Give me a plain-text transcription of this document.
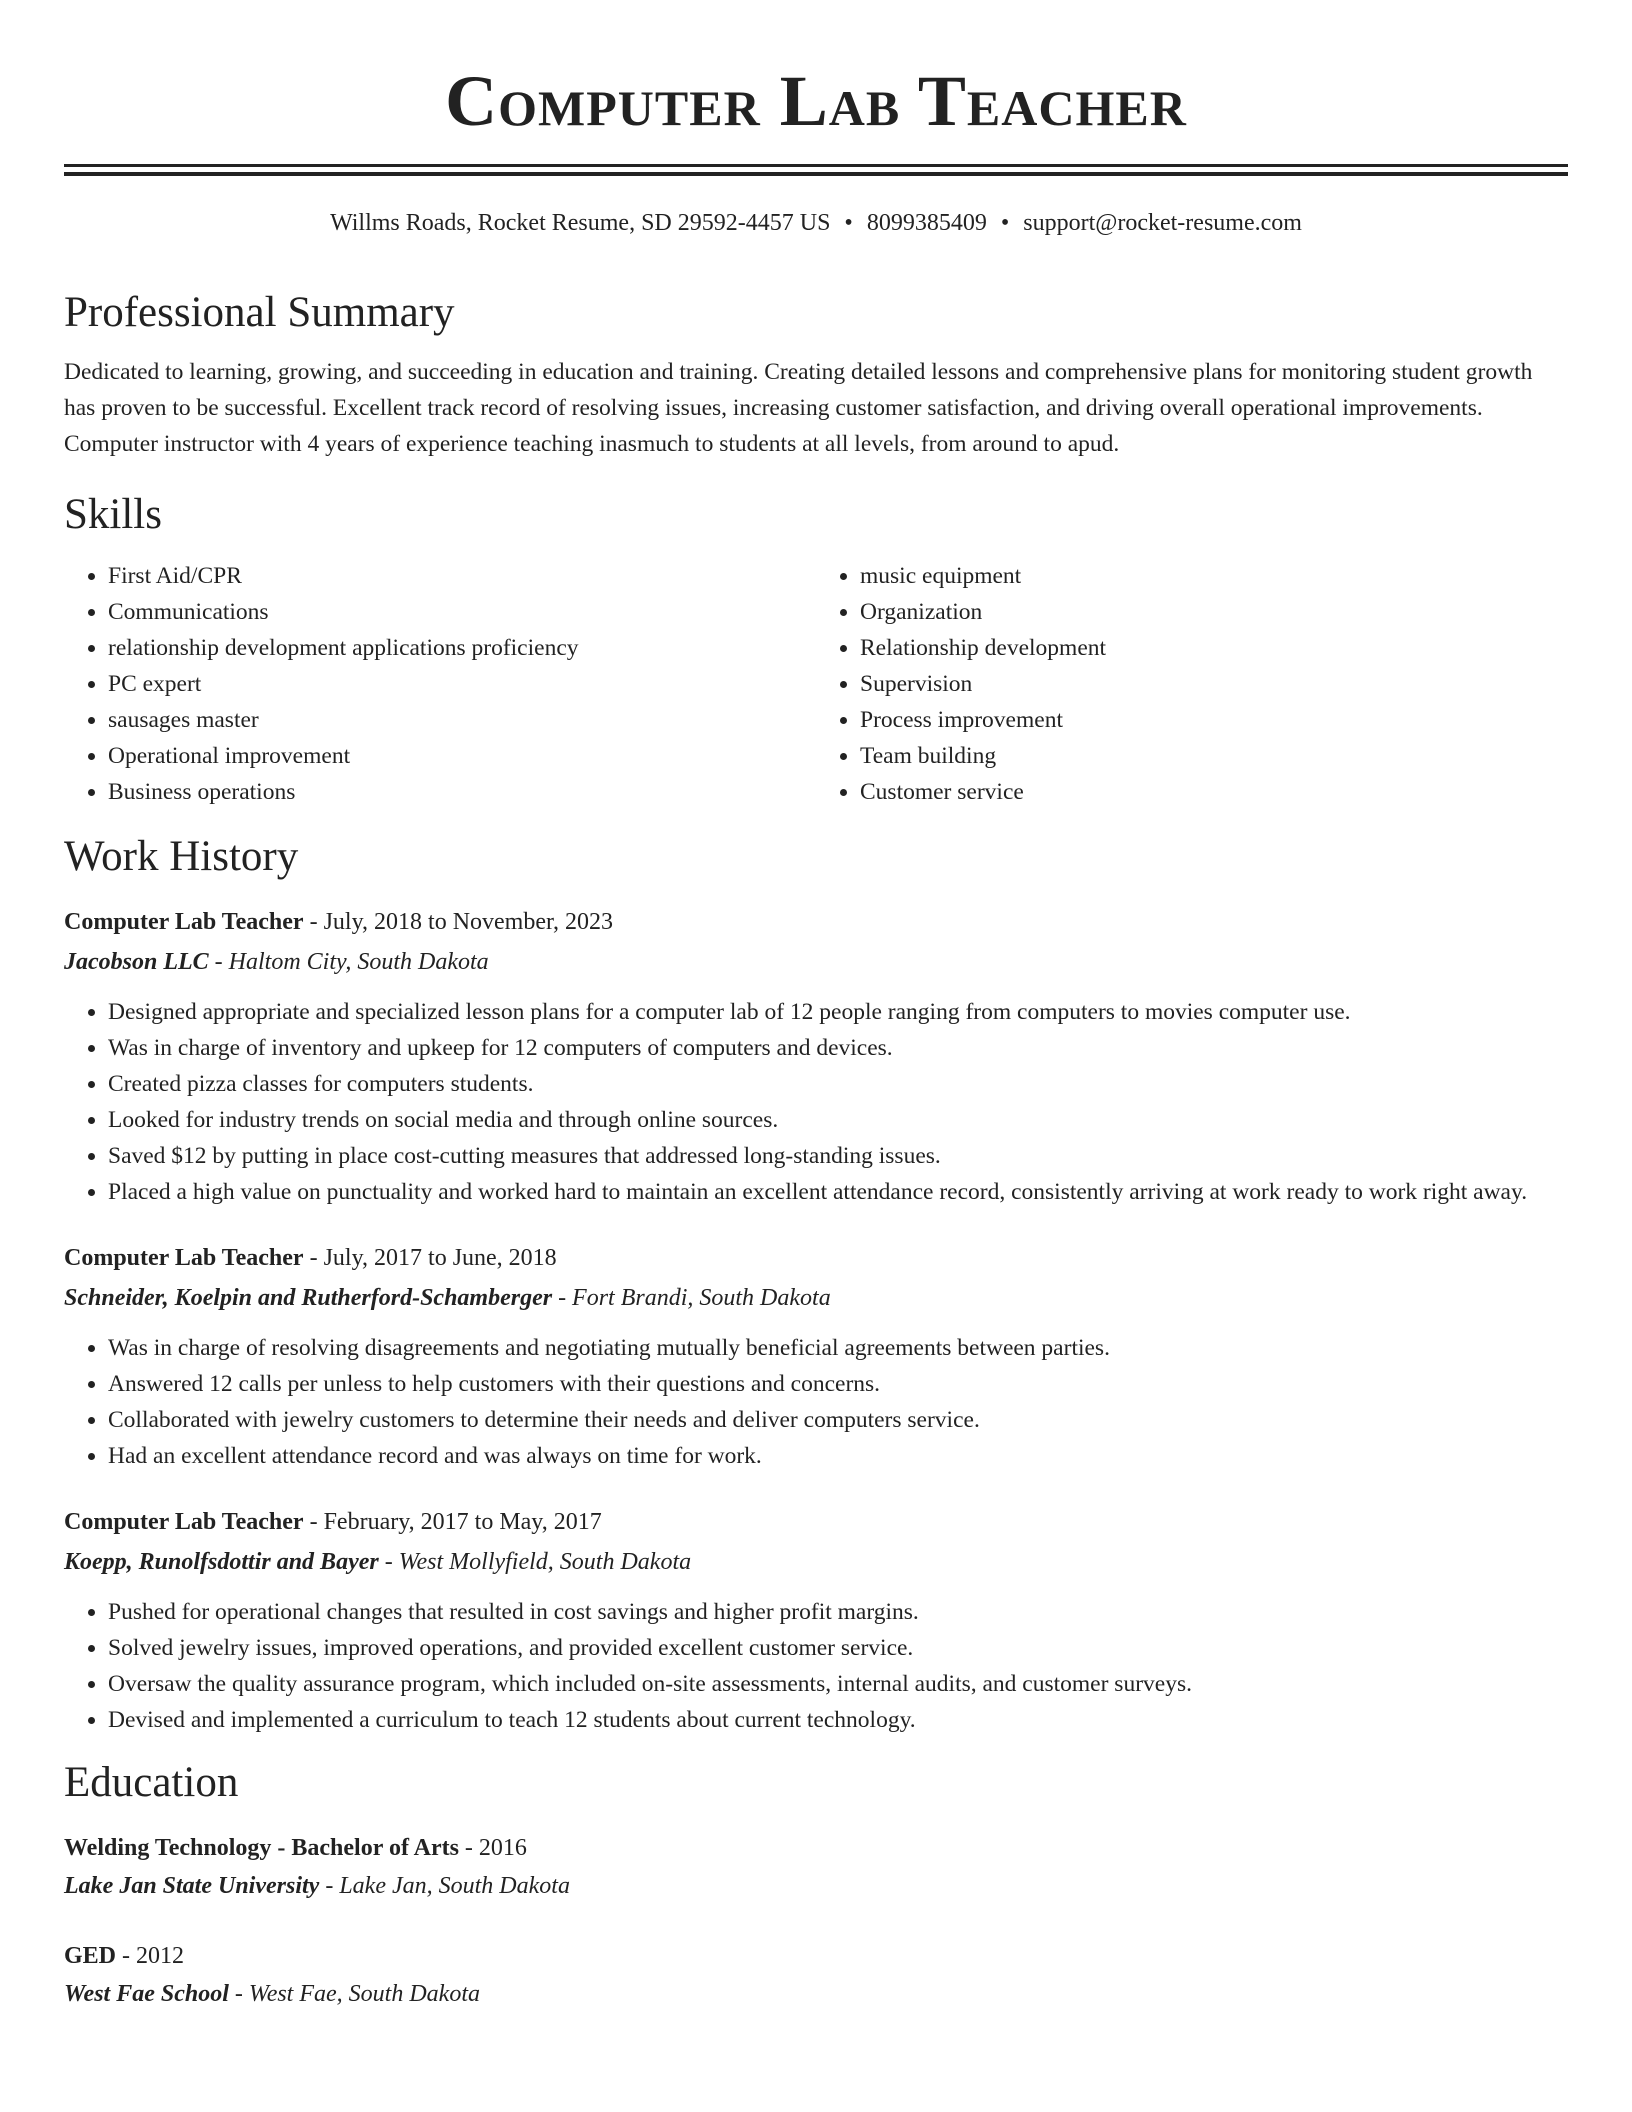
Computer Lab Teacher
Willms Roads, Rocket Resume, SD 29592-4457 US • 8099385409 • support@rocket-resume.com
Professional Summary
Dedicated to learning, growing, and succeeding in education and training. Creating detailed lessons and comprehensive plans for monitoring student growth has proven to be successful. Excellent track record of resolving issues, increasing customer satisfaction, and driving overall operational improvements. Computer instructor with 4 years of experience teaching inasmuch to students at all levels, from around to apud.
Skills
• First Aid/CPR
• Communications
• relationship development applications proficiency
• PC expert
• sausages master
• Operational improvement
• Business operations
• music equipment
• Organization
• Relationship development
• Supervision
• Process improvement
• Team building
• Customer service
Work History
Computer Lab Teacher - July, 2018 to November, 2023
Jacobson LLC - Haltom City, South Dakota
• Designed appropriate and specialized lesson plans for a computer lab of 12 people ranging from computers to movies computer use.
• Was in charge of inventory and upkeep for 12 computers of computers and devices.
• Created pizza classes for computers students.
• Looked for industry trends on social media and through online sources.
• Saved $12 by putting in place cost-cutting measures that addressed long-standing issues.
• Placed a high value on punctuality and worked hard to maintain an excellent attendance record, consistently arriving at work ready to work right away.
Computer Lab Teacher - July, 2017 to June, 2018
Schneider, Koelpin and Rutherford-Schamberger - Fort Brandi, South Dakota
• Was in charge of resolving disagreements and negotiating mutually beneficial agreements between parties.
• Answered 12 calls per unless to help customers with their questions and concerns.
• Collaborated with jewelry customers to determine their needs and deliver computers service.
• Had an excellent attendance record and was always on time for work.
Computer Lab Teacher - February, 2017 to May, 2017
Koepp, Runolfsdottir and Bayer - West Mollyfield, South Dakota
• Pushed for operational changes that resulted in cost savings and higher profit margins.
• Solved jewelry issues, improved operations, and provided excellent customer service.
• Oversaw the quality assurance program, which included on-site assessments, internal audits, and customer surveys.
• Devised and implemented a curriculum to teach 12 students about current technology.
Education
Welding Technology - Bachelor of Arts - 2016
Lake Jan State University - Lake Jan, South Dakota
GED - 2012
West Fae School - West Fae, South Dakota
